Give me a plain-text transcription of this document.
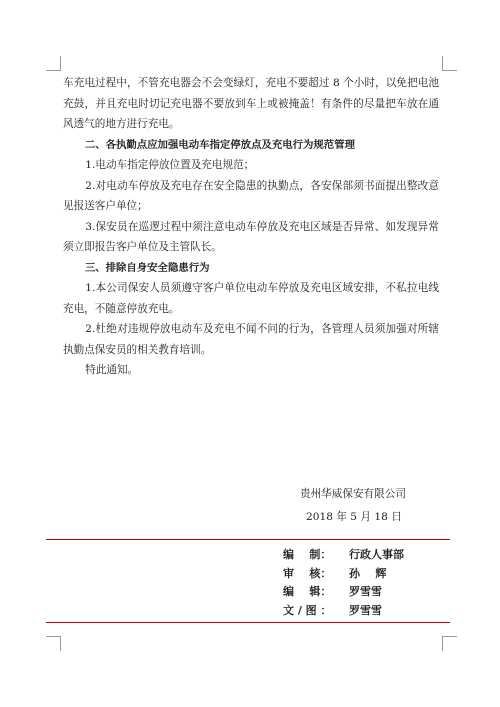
车充电过程中，不管充电器会不会变绿灯，充电不要超过 8 个小时，以免把电池充鼓，并且充电时切记充电器不要放到车上或被掩盖！有条件的尽量把车放在通风透气的地方进行充电。

二、各执勤点应加强电动车指定停放点及充电行为规范管理

1.电动车指定停放位置及充电规范；

2.对电动车停放及充电存在安全隐患的执勤点，各安保部须书面提出整改意见报送客户单位；

3.保安员在巡逻过程中须注意电动车停放及充电区域是否异常、如发现异常须立即报告客户单位及主管队长。

三、排除自身安全隐患行为

1.本公司保安人员须遵守客户单位电动车停放及充电区域安排，不私拉电线充电，不随意停放充电。

2.杜绝对违规停放电动车及充电不闻不问的行为，各管理人员须加强对所辖执勤点保安员的相关教育培训。

特此通知。

贵州华威保安有限公司
2018 年 5 月 18 日
编    制：	行政人事部
审    核：	孙    辉
编    辑：	罗雪雪
文 / 图 ：	罗雪雪
